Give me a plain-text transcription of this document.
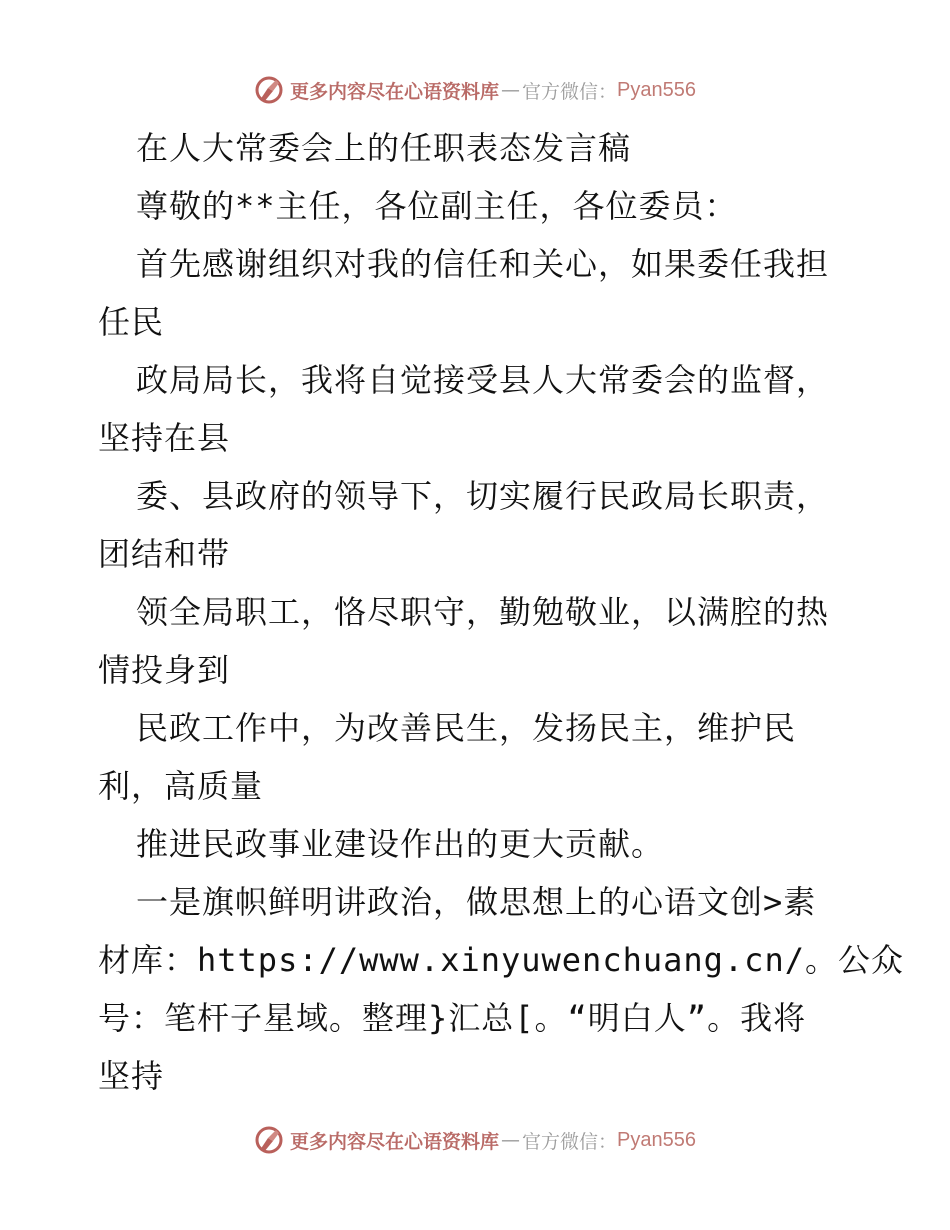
更多内容尽在心语资料库 — 官方微信： Pyan556
在人大常委会上的任职表态发言稿
尊敬的**主任，各位副主任，各位委员：
首先感谢组织对我的信任和关心，如果委任我担
任民
政局局长，我将自觉接受县人大常委会的监督，
坚持在县
委、县政府的领导下，切实履行民政局长职责，
团结和带
领全局职工，恪尽职守，勤勉敬业，以满腔的热
情投身到
民政工作中，为改善民生，发扬民主，维护民
利，高质量
推进民政事业建设作出的更大贡献。
一是旗帜鲜明讲政治，做思想上的心语文创>素
材库：https://www.xinyuwenchuang.cn/。公众
号：笔杆子星域。整理}汇总[。“明白人”。我将
坚持
更多内容尽在心语资料库 — 官方微信： Pyan556
